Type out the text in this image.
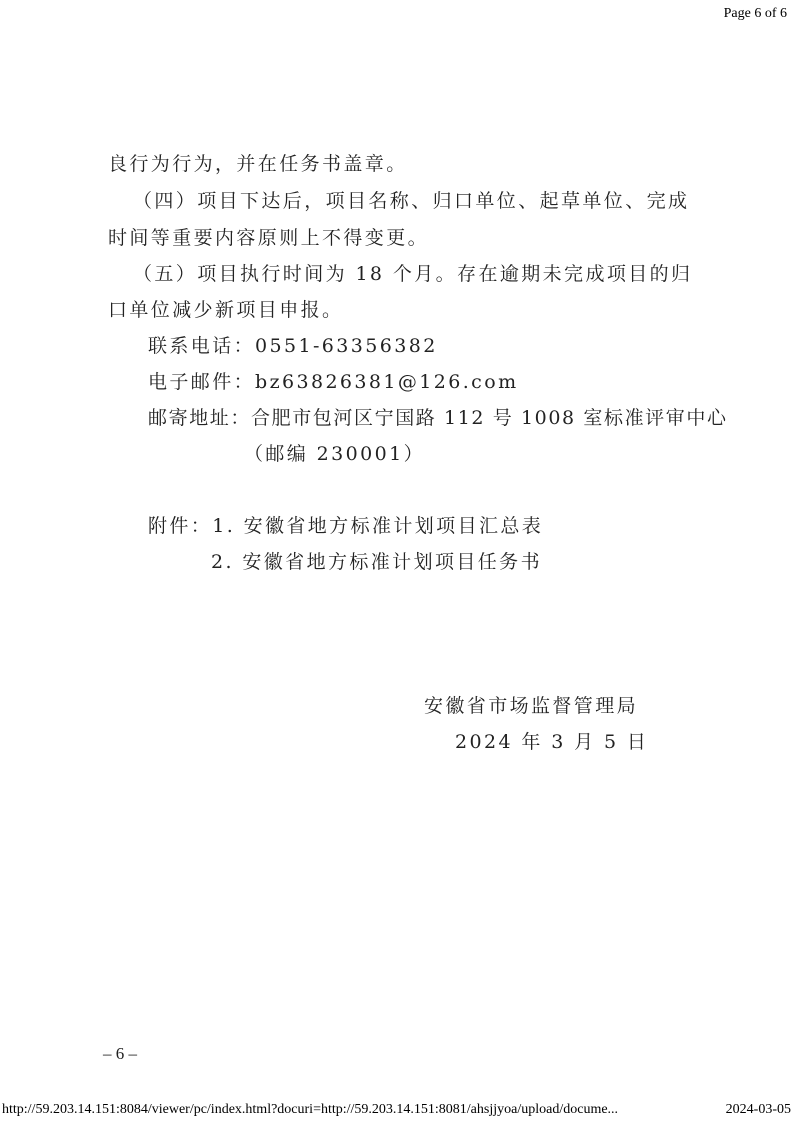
Page 6 of 6
良行为行为，并在任务书盖章。
（四）项目下达后，项目名称、归口单位、起草单位、完成
时间等重要内容原则上不得变更。
（五）项目执行时间为 18 个月。存在逾期未完成项目的归
口单位减少新项目申报。
联系电话：0551-63356382
电子邮件：bz63826381@126.com
邮寄地址：合肥市包河区宁国路 112 号 1008 室标准评审中心
（邮编 230001）
附件：1. 安徽省地方标准计划项目汇总表
2. 安徽省地方标准计划项目任务书
安徽省市场监督管理局
2024 年 3 月 5 日
– 6 –
http://59.203.14.151:8084/viewer/pc/index.html?docuri=http://59.203.14.151:8081/ahsjjyoa/upload/docume...	2024-03-05
